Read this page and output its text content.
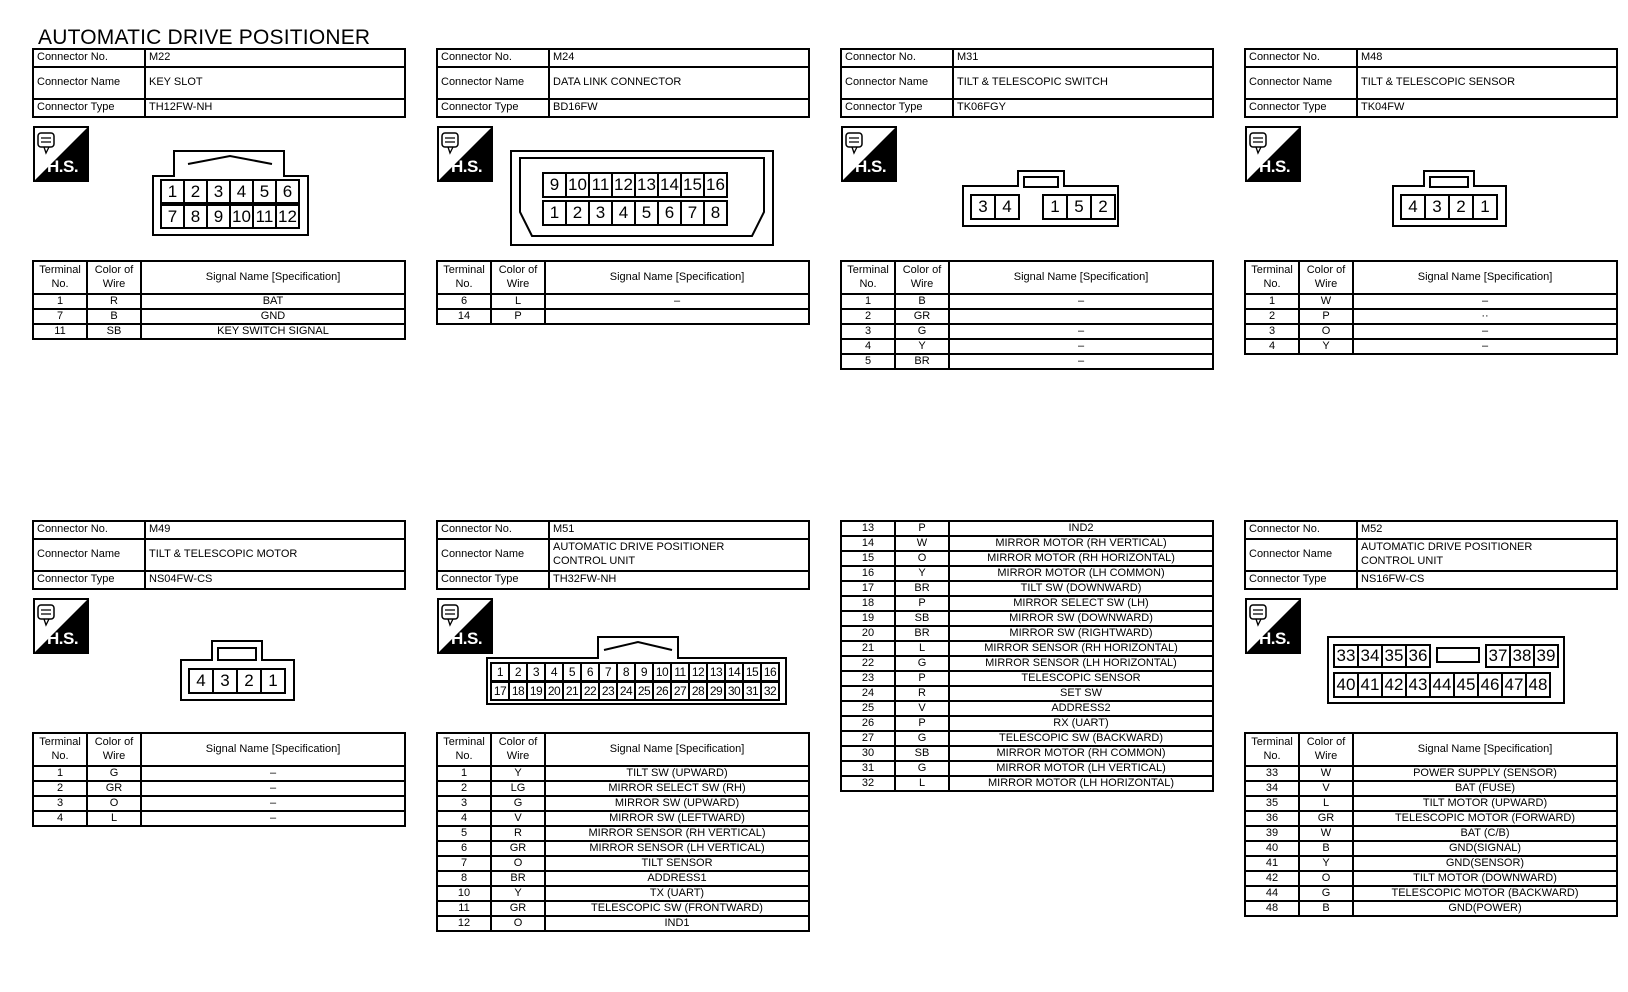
AUTOMATIC DRIVE POSITIONER
Connector No.	M22
Connector Name	KEY SLOT
Connector Type	TH12FW-NH
H.S.
1 2 3 4 5 6
7 8 9 10 11 12
Terminal No.	Color of Wire	Signal Name [Specification]
1	R	BAT
7	B	GND
11	SB	KEY SWITCH SIGNAL
Connector No.	M24
Connector Name	DATA LINK CONNECTOR
Connector Type	BD16FW
H.S.
9 10 11 12 13 14 15 16
1 2 3 4 5 6 7 8
Terminal No.	Color of Wire	Signal Name [Specification]
6	L	–
14	P	
Connector No.	M31
Connector Name	TILT & TELESCOPIC SWITCH
Connector Type	TK06FGY
H.S.
3 4	1 5 2
Terminal No.	Color of Wire	Signal Name [Specification]
1	B	–
2	GR	
3	G	–
4	Y	–
5	BR	–
Connector No.	M48
Connector Name	TILT & TELESCOPIC SENSOR
Connector Type	TK04FW
H.S.
4 3 2 1
Terminal No.	Color of Wire	Signal Name [Specification]
1	W	–
2	P	··
3	O	–
4	Y	–
Connector No.	M49
Connector Name	TILT & TELESCOPIC MOTOR
Connector Type	NS04FW-CS
H.S.
4 3 2 1
Terminal No.	Color of Wire	Signal Name [Specification]
1	G	–
2	GR	–
3	O	–
4	L	–
Connector No.	M51
Connector Name	AUTOMATIC DRIVE POSITIONER
CONTROL UNIT
Connector Type	TH32FW-NH
H.S.
1 2 3 4 5 6 7 8 9 10 11 12 13 14 15 16
17 18 19 20 21 22 23 24 25 26 27 28 29 30 31 32
Terminal No.	Color of Wire	Signal Name [Specification]
1	Y	TILT SW (UPWARD)
2	LG	MIRROR SELECT SW (RH)
3	G	MIRROR SW (UPWARD)
4	V	MIRROR SW (LEFTWARD)
5	R	MIRROR SENSOR (RH VERTICAL)
6	GR	MIRROR SENSOR (LH VERTICAL)
7	O	TILT SENSOR
8	BR	ADDRESS1
10	Y	TX (UART)
11	GR	TELESCOPIC SW (FRONTWARD)
12	O	IND1
13	P	IND2
14	W	MIRROR MOTOR (RH VERTICAL)
15	O	MIRROR MOTOR (RH HORIZONTAL)
16	Y	MIRROR MOTOR (LH COMMON)
17	BR	TILT SW (DOWNWARD)
18	P	MIRROR SELECT SW (LH)
19	SB	MIRROR SW (DOWNWARD)
20	BR	MIRROR SW (RIGHTWARD)
21	L	MIRROR SENSOR (RH HORIZONTAL)
22	G	MIRROR SENSOR (LH HORIZONTAL)
23	P	TELESCOPIC SENSOR
24	R	SET SW
25	V	ADDRESS2
26	P	RX (UART)
27	G	TELESCOPIC SW (BACKWARD)
30	SB	MIRROR MOTOR (RH COMMON)
31	G	MIRROR MOTOR (LH VERTICAL)
32	L	MIRROR MOTOR (LH HORIZONTAL)
Connector No.	M52
Connector Name	AUTOMATIC DRIVE POSITIONER
CONTROL UNIT
Connector Type	NS16FW-CS
H.S.
33 34 35 36	37 38 39
40 41 42 43 44 45 46 47 48
Terminal No.	Color of Wire	Signal Name [Specification]
33	W	POWER SUPPLY (SENSOR)
34	V	BAT (FUSE)
35	L	TILT MOTOR (UPWARD)
36	GR	TELESCOPIC MOTOR (FORWARD)
39	W	BAT (C/B)
40	B	GND(SIGNAL)
41	Y	GND(SENSOR)
42	O	TILT MOTOR (DOWNWARD)
44	G	TELESCOPIC MOTOR (BACKWARD)
48	B	GND(POWER)
